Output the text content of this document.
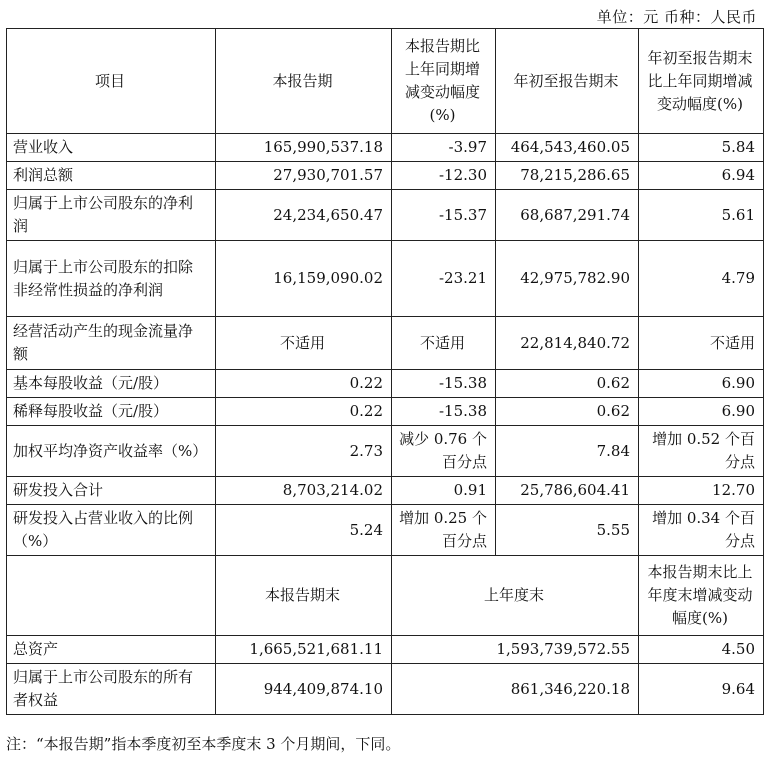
单位：元 币种：人民币
项目	本报告期	本报告期比上年同期增减变动幅度(%)	年初至报告期末	年初至报告期末比上年同期增减变动幅度(%)
营业收入	165,990,537.18	-3.97	464,543,460.05	5.84
利润总额	27,930,701.57	-12.30	78,215,286.65	6.94
归属于上市公司股东的净利润	24,234,650.47	-15.37	68,687,291.74	5.61
归属于上市公司股东的扣除非经常性损益的净利润	16,159,090.02	-23.21	42,975,782.90	4.79
经营活动产生的现金流量净额	不适用	不适用	22,814,840.72	不适用
基本每股收益（元/股）	0.22	-15.38	0.62	6.90
稀释每股收益（元/股）	0.22	-15.38	0.62	6.90
加权平均净资产收益率（%）	2.73	减少 0.76 个百分点	7.84	增加 0.52 个百分点
研发投入合计	8,703,214.02	0.91	25,786,604.41	12.70
研发投入占营业收入的比例（%）	5.24	增加 0.25 个百分点	5.55	增加 0.34 个百分点
	本报告期末	上年度末		本报告期末比上年度末增减变动幅度(%)
总资产	1,665,521,681.11	1,593,739,572.55		4.50
归属于上市公司股东的所有者权益	944,409,874.10	861,346,220.18		9.64
注：“本报告期”指本季度初至本季度末 3 个月期间，下同。
